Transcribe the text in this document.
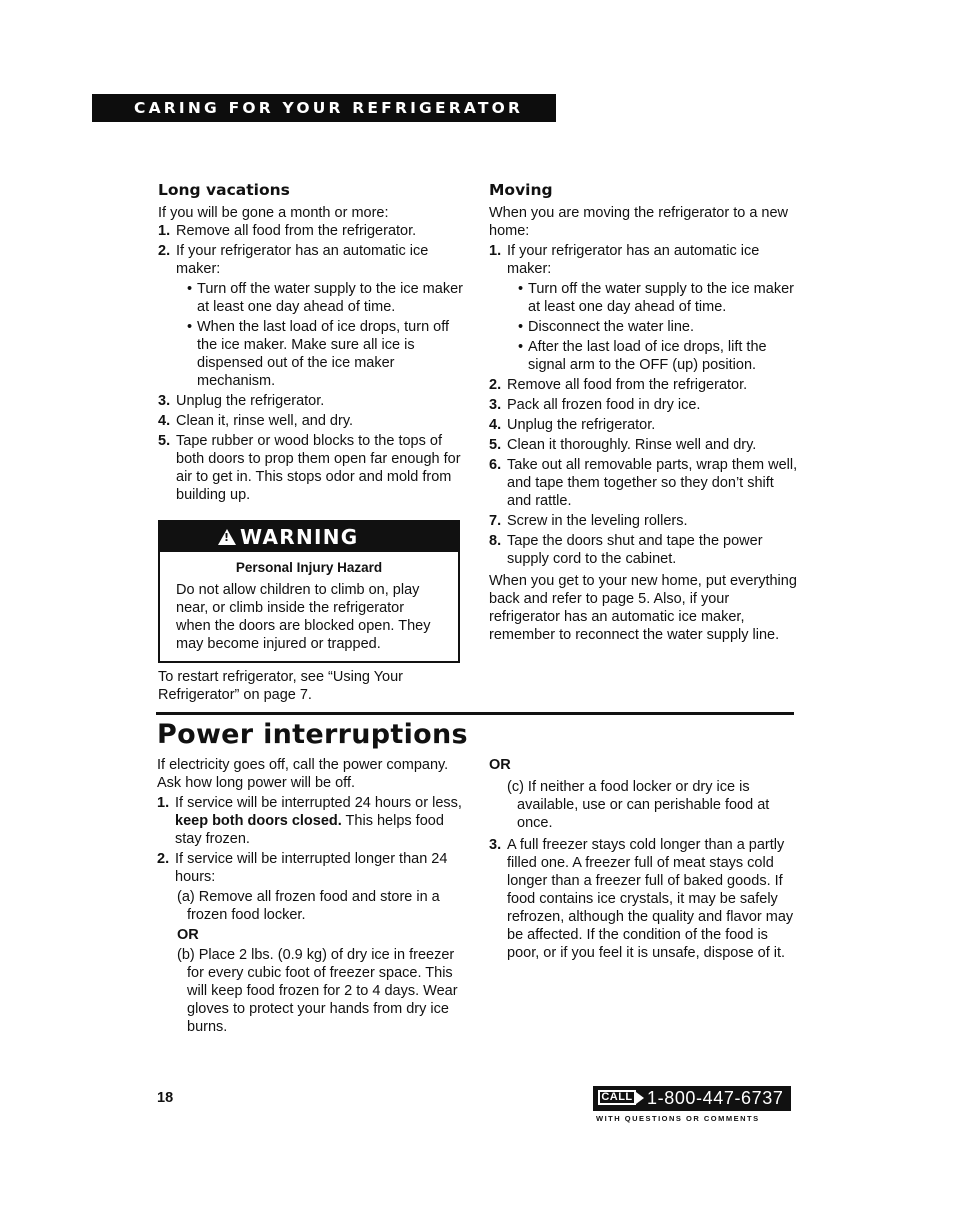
CARING FOR YOUR REFRIGERATOR
Long vacations
If you will be gone a month or more:
1. Remove all food from the refrigerator.
2. If your refrigerator has an automatic ice maker:
• Turn off the water supply to the ice maker at least one day ahead of time.
• When the last load of ice drops, turn off the ice maker. Make sure all ice is dispensed out of the ice maker mechanism.
3. Unplug the refrigerator.
4. Clean it, rinse well, and dry.
5. Tape rubber or wood blocks to the tops of both doors to prop them open far enough for air to get in. This stops odor and mold from building up.
!WARNING
Personal Injury Hazard
Do not allow children to climb on, play near, or climb inside the refrigerator when the doors are blocked open. They may become injured or trapped.
To restart refrigerator, see “Using Your Refrigerator” on page 7.
Moving
When you are moving the refrigerator to a new home:
1. If your refrigerator has an automatic ice maker:
• Turn off the water supply to the ice maker at least one day ahead of time.
• Disconnect the water line.
• After the last load of ice drops, lift the signal arm to the OFF (up) position.
2. Remove all food from the refrigerator.
3. Pack all frozen food in dry ice.
4. Unplug the refrigerator.
5. Clean it thoroughly. Rinse well and dry.
6. Take out all removable parts, wrap them well, and tape them together so they don’t shift and rattle.
7. Screw in the leveling rollers.
8. Tape the doors shut and tape the power supply cord to the cabinet.
When you get to your new home, put everything back and refer to page 5. Also, if your refrigerator has an automatic ice maker, remember to reconnect the water supply line.
Power interruptions
If electricity goes off, call the power company. Ask how long power will be off.
1. If service will be interrupted 24 hours or less, keep both doors closed. This helps food stay frozen.
2. If service will be interrupted longer than 24 hours:
(a) Remove all frozen food and store in a frozen food locker.
OR
(b) Place 2 lbs. (0.9 kg) of dry ice in freezer for every cubic foot of freezer space. This will keep food frozen for 2 to 4 days. Wear gloves to protect your hands from dry ice burns.
OR
(c) If neither a food locker or dry ice is available, use or can perishable food at once.
3. A full freezer stays cold longer than a partly filled one. A freezer full of meat stays cold longer than a freezer full of baked goods. If food contains ice crystals, it may be safely refrozen, although the quality and flavor may be affected. If the condition of the food is poor, or if you feel it is unsafe, dispose of it.
18	CALL 1-800-447-6737
WITH QUESTIONS OR COMMENTS
